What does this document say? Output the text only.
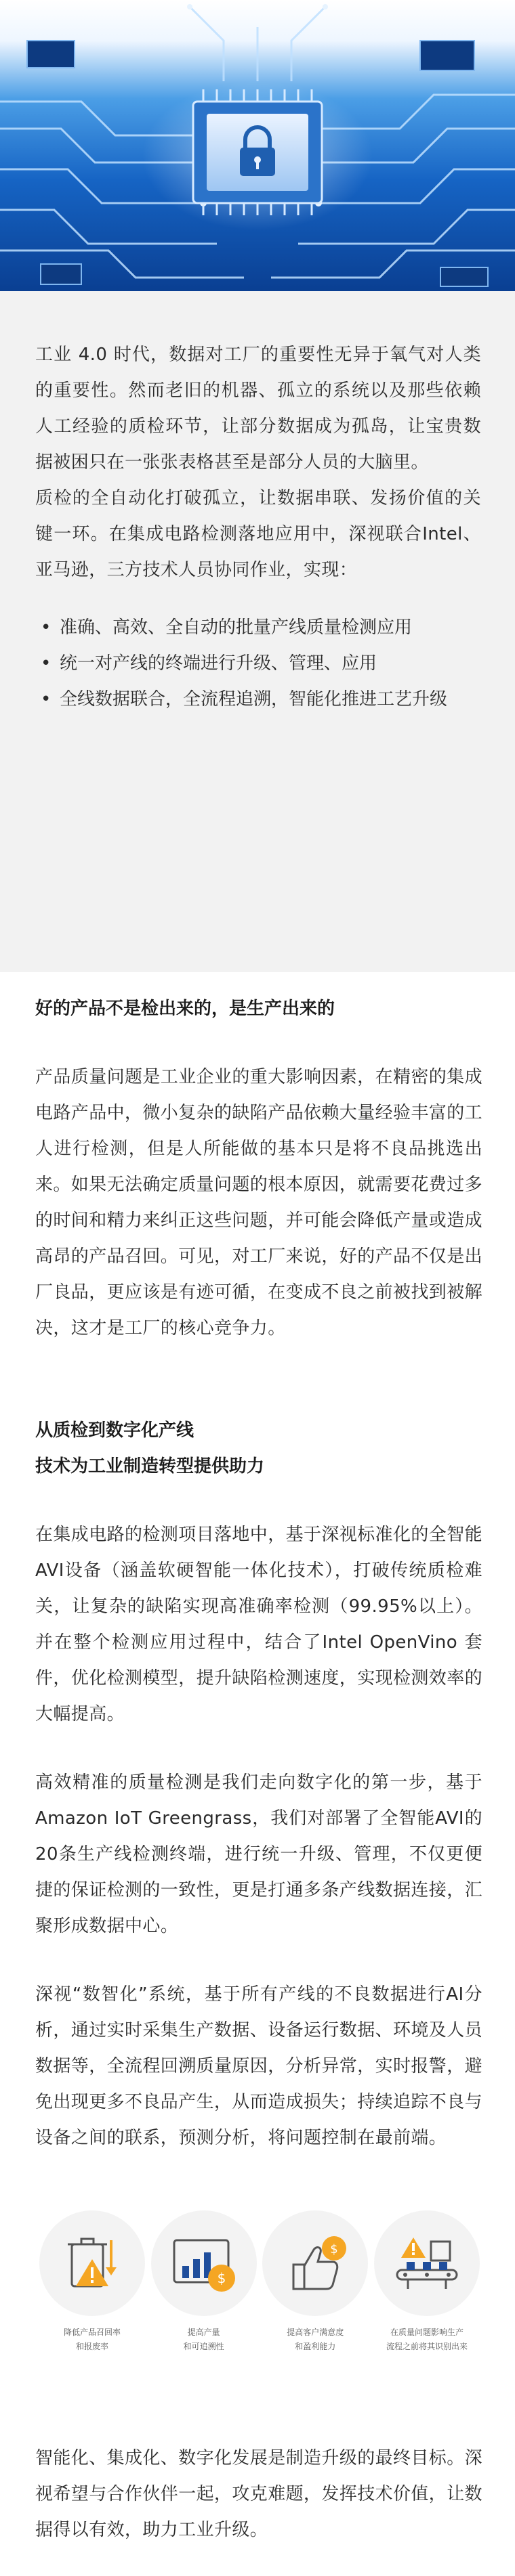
工业 4.0 时代，数据对工厂的重要性无异于氧气对人类的重要性。然而老旧的机器、孤立的系统以及那些依赖人工经验的质检环节，让部分数据成为孤岛，让宝贵数据被困只在一张张表格甚至是部分人员的大脑里。

质检的全自动化打破孤立，让数据串联、发扬价值的关键一环。在集成电路检测落地应用中，深视联合Intel、亚马逊，三方技术人员协同作业，实现：

• 准确、高效、全自动的批量产线质量检测应用
• 统一对产线的终端进行升级、管理、应用
• 全线数据联合，全流程追溯，智能化推进工艺升级

好的产品不是检出来的，是生产出来的

产品质量问题是工业企业的重大影响因素，在精密的集成电路产品中，微小复杂的缺陷产品依赖大量经验丰富的工人进行检测，但是人所能做的基本只是将不良品挑选出来。如果无法确定质量问题的根本原因，就需要花费过多的时间和精力来纠正这些问题，并可能会降低产量或造成高昂的产品召回。可见，对工厂来说，好的产品不仅是出厂良品，更应该是有迹可循，在变成不良之前被找到被解决，这才是工厂的核心竞争力。

从质检到数字化产线

技术为工业制造转型提供助力

在集成电路的检测项目落地中，基于深视标准化的全智能AVI设备（涵盖软硬智能一体化技术），打破传统质检难关，让复杂的缺陷实现高准确率检测（99.95%以上）。并在整个检测应用过程中，结合了Intel OpenVino 套件，优化检测模型，提升缺陷检测速度，实现检测效率的大幅提高。

高效精准的质量检测是我们走向数字化的第一步，基于Amazon IoT Greengrass，我们对部署了全智能AVI的20条生产线检测终端，进行统一升级、管理，不仅更便捷的保证检测的一致性，更是打通多条产线数据连接，汇聚形成数据中心。

深视“数智化”系统，基于所有产线的不良数据进行AI分析，通过实时采集生产数据、设备运行数据、环境及人员数据等，全流程回溯质量原因，分析异常，实时报警，避免出现更多不良品产生，从而造成损失；持续追踪不良与设备之间的联系，预测分析，将问题控制在最前端。

降低产品召回率
和报废率
$
提高产量
和可追溯性
$
提高客户满意度
和盈利能力
在质量问题影响生产
流程之前将其识别出来

智能化、集成化、数字化发展是制造升级的最终目标。深视希望与合作伙伴一起，攻克难题，发挥技术价值，让数据得以有效，助力工业升级。
